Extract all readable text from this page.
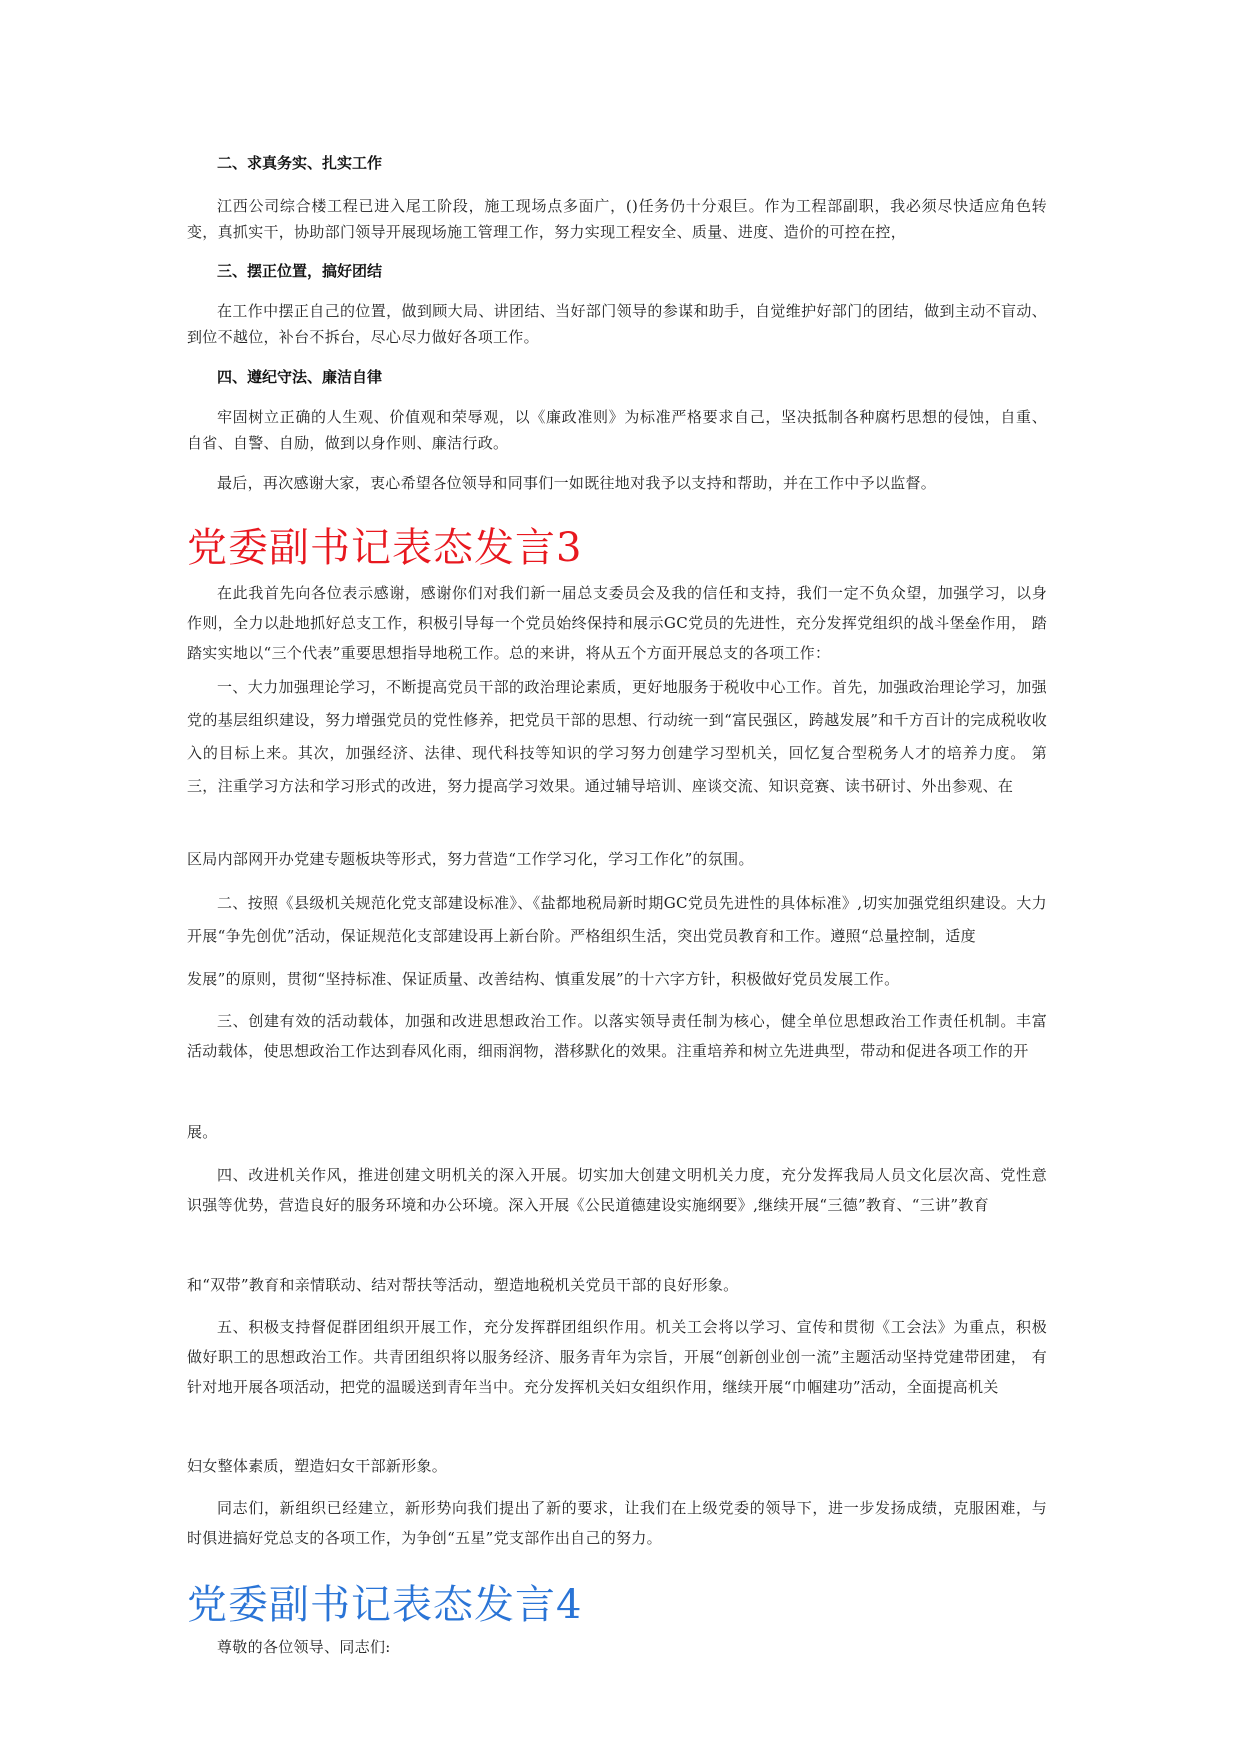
二、求真务实、扎实工作

江西公司综合楼工程已进入尾工阶段，施工现场点多面广，()任务仍十分艰巨。作为工程部副职，我必须尽快适应角色转 变，真抓实干，协助部门领导开展现场施工管理工作，努力实现工程安全、质量、进度、造价的可控在控，

三、摆正位置，搞好团结

在工作中摆正自己的位置，做到顾大局、讲团结、当好部门领导的参谋和助手，自觉维护好部门的团结，做到主动不盲动、 到位不越位，补台不拆台，尽心尽力做好各项工作。

四、遵纪守法、廉洁自律

牢固树立正确的人生观、价值观和荣辱观，以《廉政准则》为标准严格要求自己，坚决抵制各种腐朽思想的侵蚀，自重、 自省、自警、自励，做到以身作则、廉洁行政。

最后，再次感谢大家，衷心希望各位领导和同事们一如既往地对我予以支持和帮助，并在工作中予以监督。

党委副书记表态发言3

在此我首先向各位表示感谢，感谢你们对我们新一届总支委员会及我的信任和支持，我们一定不负众望，加强学习，以身 作则，全力以赴地抓好总支工作，积极引导每一个党员始终保持和展示GC党员的先进性，充分发挥党组织的战斗堡垒作用， 踏踏实实地以“三个代表”重要思想指导地税工作。总的来讲，将从五个方面开展总支的各项工作：

一、大力加强理论学习，不断提高党员干部的政治理论素质，更好地服务于税收中心工作。首先，加强政治理论学习，加强党的基层组织建设，努力增强党员的党性修养，把党员干部的思想、行动统一到“富民强区，跨越发展”和千方百计的完成税收收入的目标上来。其次，加强经济、法律、现代科技等知识的学习努力创建学习型机关，回忆复合型税务人才的培养力度。 第三，注重学习方法和学习形式的改进，努力提高学习效果。通过辅导培训、座谈交流、知识竞赛、读书研讨、外出参观、在

区局内部网开办党建专题板块等形式，努力营造“工作学习化，学习工作化”的氛围。

二、按照《县级机关规范化党支部建设标准》、《盐都地税局新时期GC党员先进性的具体标准》,切实加强党组织建设。大力开展“争先创优”活动，保证规范化支部建设再上新台阶。严格组织生活，突出党员教育和工作。遵照“总量控制，适度

发展”的原则，贯彻“坚持标准、保证质量、改善结构、慎重发展”的十六字方针，积极做好党员发展工作。

三、创建有效的活动载体，加强和改进思想政治工作。以落实领导责任制为核心，健全单位思想政治工作责任机制。丰富 活动载体，使思想政治工作达到春风化雨，细雨润物，潜移默化的效果。注重培养和树立先进典型，带动和促进各项工作的开

展。

四、改进机关作风，推进创建文明机关的深入开展。切实加大创建文明机关力度，充分发挥我局人员文化层次高、党性意 识强等优势，营造良好的服务环境和办公环境。深入开展《公民道德建设实施纲要》,继续开展“三德”教育、“三讲”教育

和“双带”教育和亲情联动、结对帮扶等活动，塑造地税机关党员干部的良好形象。

五、积极支持督促群团组织开展工作，充分发挥群团组织作用。机关工会将以学习、宣传和贯彻《工会法》为重点，积极 做好职工的思想政治工作。共青团组织将以服务经济、服务青年为宗旨，开展“创新创业创一流”主题活动坚持党建带团建， 有针对地开展各项活动，把党的温暖送到青年当中。充分发挥机关妇女组织作用，继续开展“巾帼建功”活动，全面提高机关

妇女整体素质，塑造妇女干部新形象。

同志们，新组织已经建立，新形势向我们提出了新的要求，让我们在上级党委的领导下，进一步发扬成绩，克服困难，与 时俱进搞好党总支的各项工作，为争创“五星”党支部作出自己的努力。

党委副书记表态发言4

尊敬的各位领导、同志们:
